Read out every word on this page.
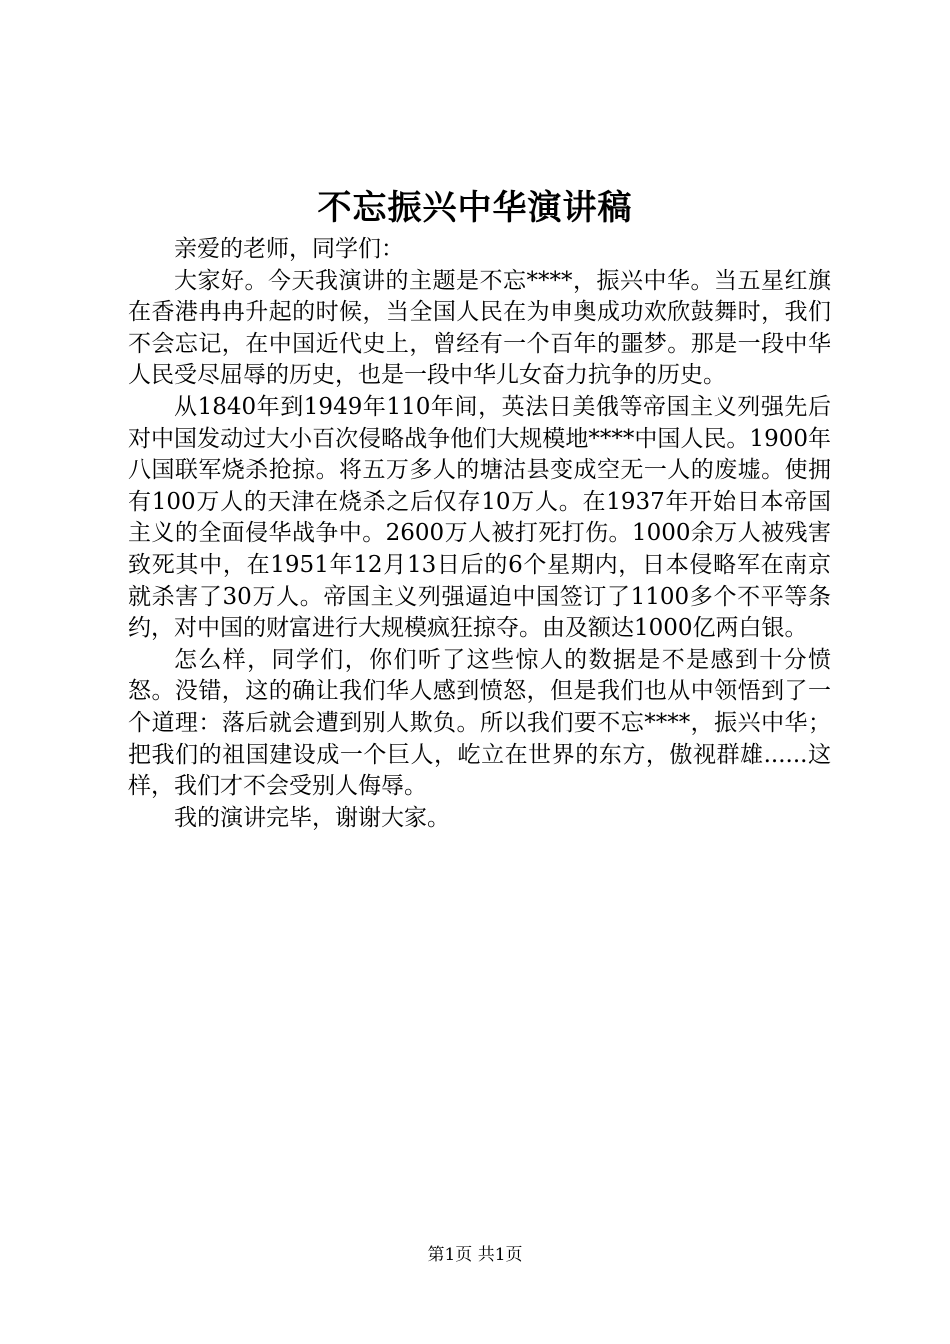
不忘振兴中华演讲稿

亲爱的老师，同学们：

大家好。今天我演讲的主题是不忘****，振兴中华。当五星红旗在香港冉冉升起的时候，当全国人民在为申奥成功欢欣鼓舞时，我们不会忘记，在中国近代史上，曾经有一个百年的噩梦。那是一段中华人民受尽屈辱的历史，也是一段中华儿女奋力抗争的历史。

从1840年到1949年110年间，英法日美俄等帝国主义列强先后对中国发动过大小百次侵略战争他们大规模地****中国人民。1900年八国联军烧杀抢掠。将五万多人的塘沽县变成空无一人的废墟。使拥有100万人的天津在烧杀之后仅存10万人。在1937年开始日本帝国主义的全面侵华战争中。2600万人被打死打伤。1000余万人被残害致死其中，在1951年12月13日后的6个星期内，日本侵略军在南京就杀害了30万人。帝国主义列强逼迫中国签订了1100多个不平等条约，对中国的财富进行大规模疯狂掠夺。由及额达1000亿两白银。

怎么样，同学们，你们听了这些惊人的数据是不是感到十分愤怒。没错，这的确让我们华人感到愤怒，但是我们也从中领悟到了一个道理：落后就会遭到别人欺负。所以我们要不忘****，振兴中华；把我们的祖国建设成一个巨人，屹立在世界的东方，傲视群雄......这样，我们才不会受别人侮辱。

我的演讲完毕，谢谢大家。

第1页 共1页
